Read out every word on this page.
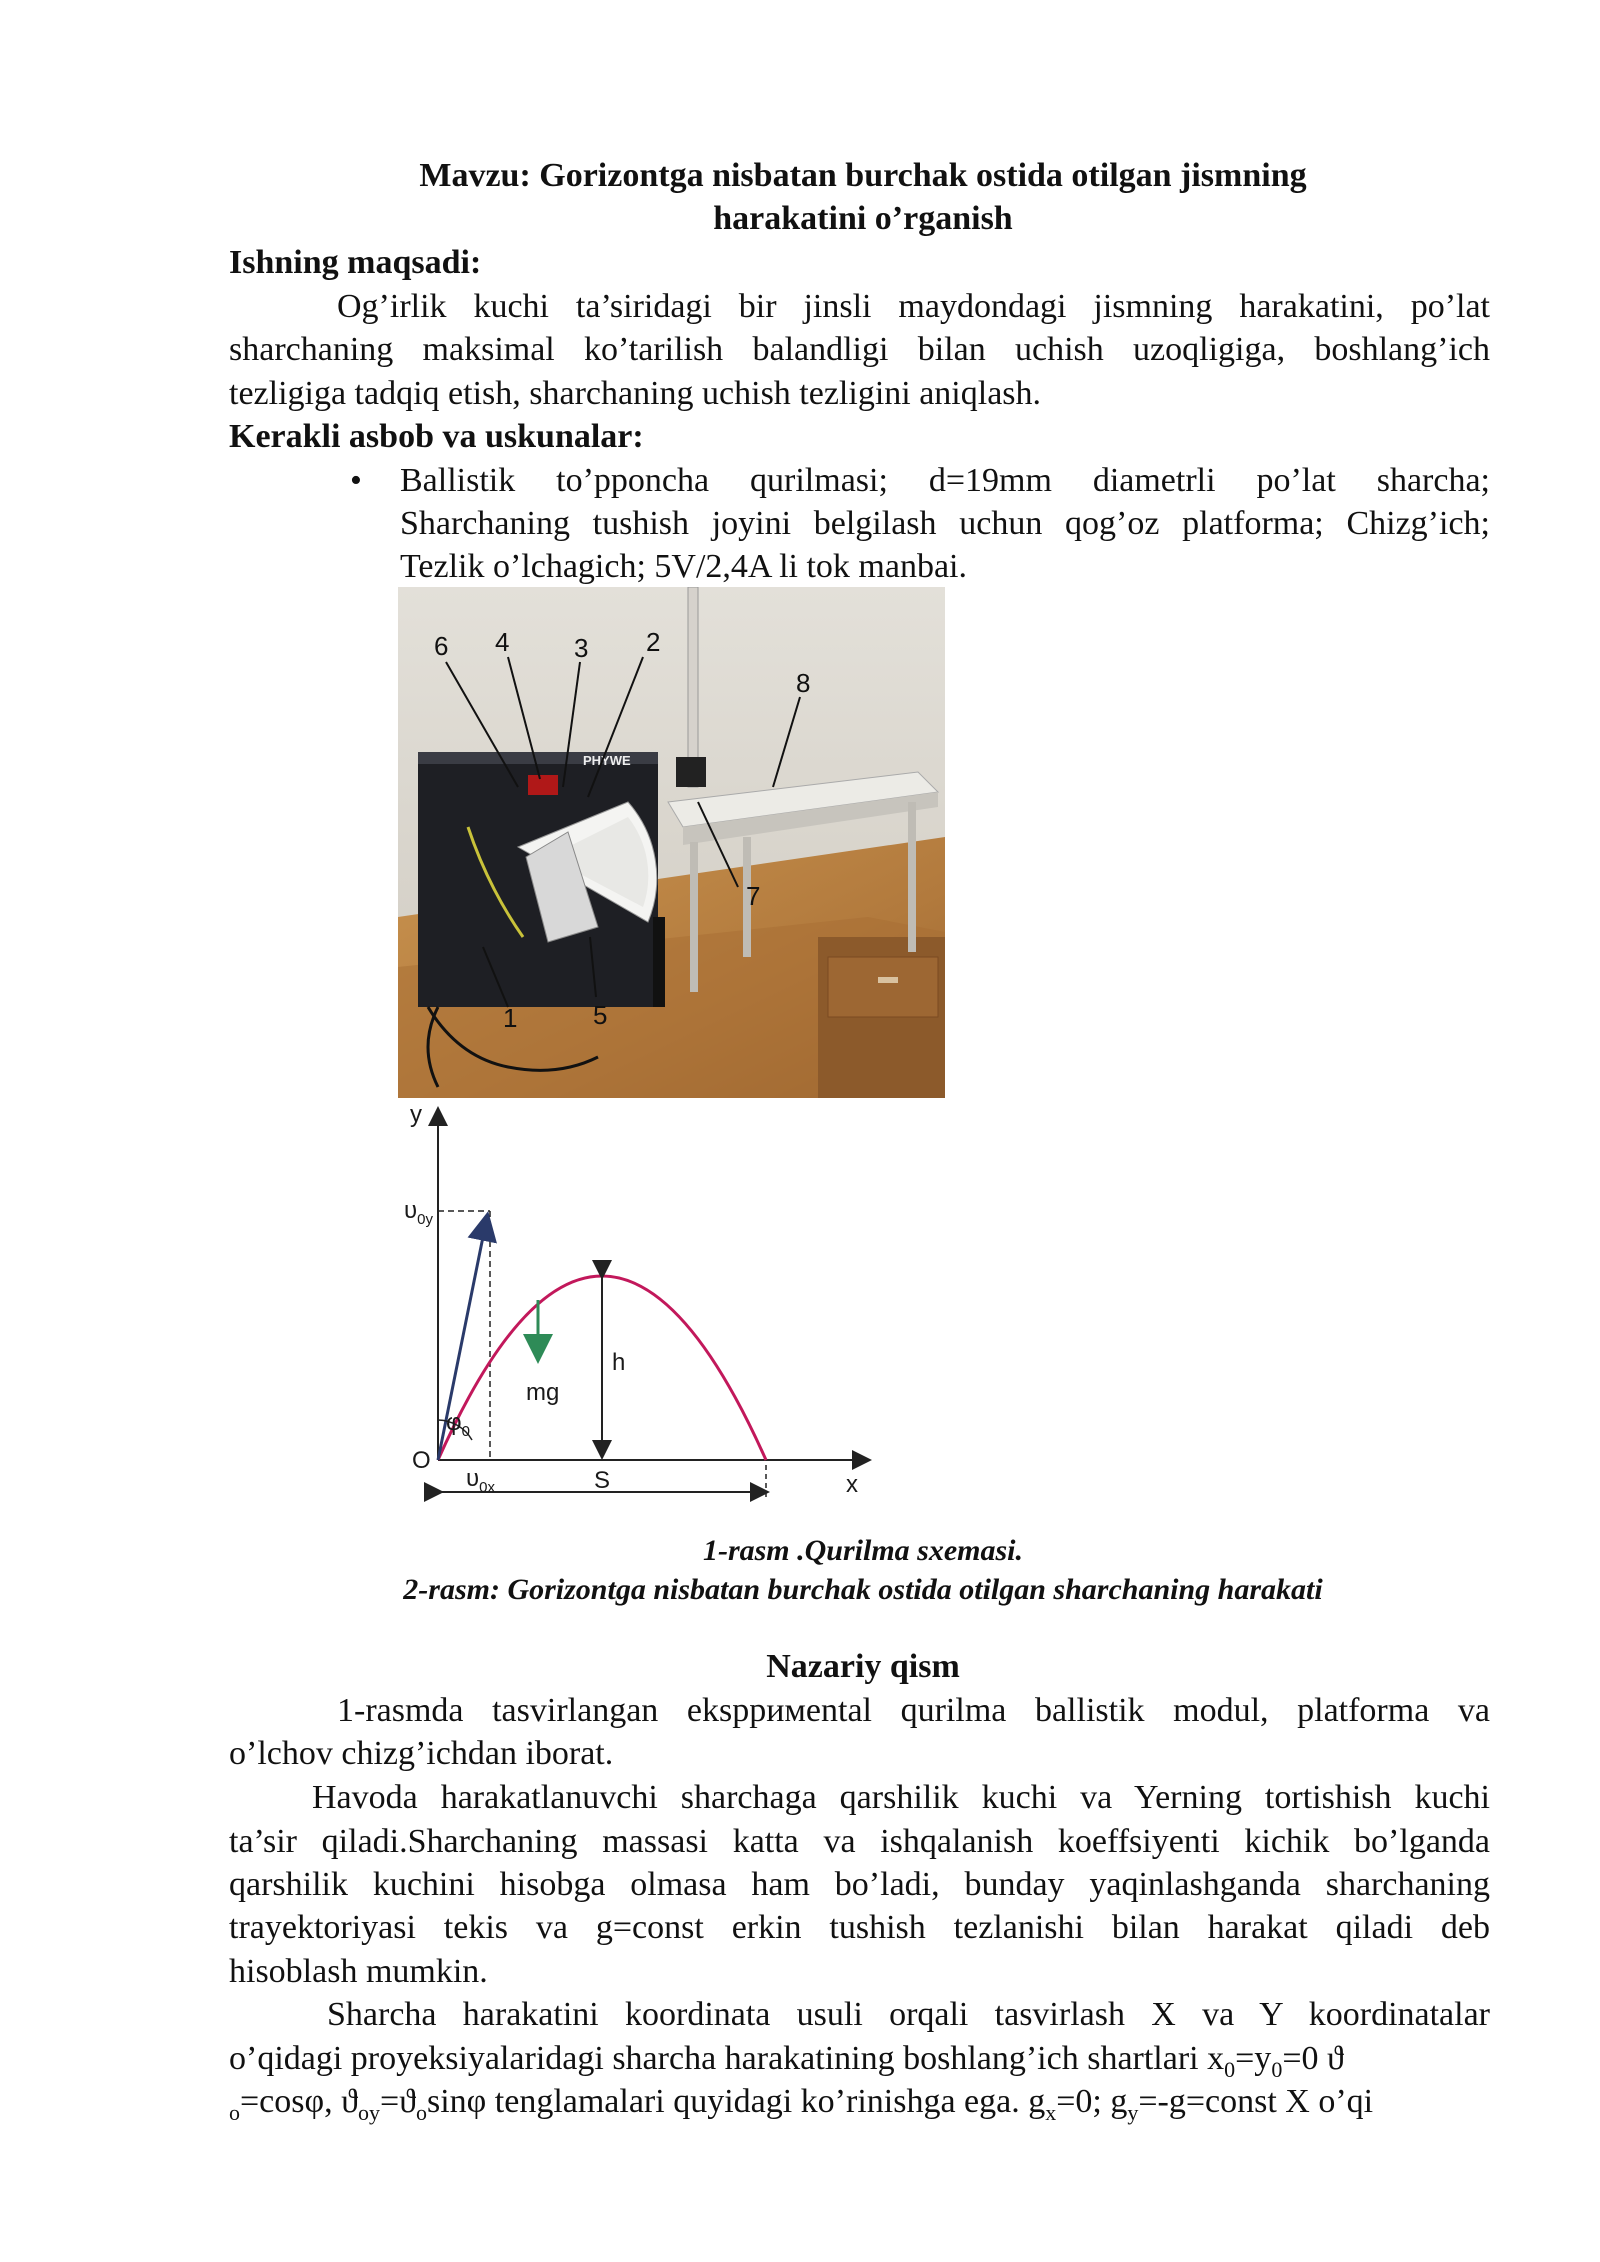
Mavzu: Gorizontga nisbatan burchak ostida otilgan jismning
harakatini o’rganish
Ishning maqsadi:
Og’irlik kuchi ta’siridagi bir jinsli maydondagi jismning harakatini, po’lat
sharchaning maksimal ko’tarilish balandligi bilan uchish uzoqligiga, boshlang’ich
tezligiga tadqiq etish, sharchaning uchish tezligini aniqlash.
Kerakli asbob va uskunalar:
• Ballistik to’pponcha qurilmasi; d=19mm diametrli po’lat sharcha;
Sharchaning tushish joyini belgilash uchun qog’oz platforma; Chizg’ich;
Tezlik o’lchagich; 5V/2,4A li tok manbai.
PHYWE
6 4 3 2
8
7
5
1
y
x
$\upsilon_{0y}$
$\upsilon_{0x}$
$\varphi_0$
O
h
mg
S
1-rasm .Qurilma sxemasi.
2-rasm: Gorizontga nisbatan burchak ostida otilgan sharchaning harakati
Nazariy qism
1-rasmda tasvirlangan ekspримental qurilma ballistik modul, platforma va
o’lchov chizg’ichdan iborat.
Havoda harakatlanuvchi sharchaga qarshilik kuchi va Yerning tortishish kuchi
ta’sir qiladi.Sharchaning massasi katta va ishqalanish koeffsiyenti kichik bo’lganda
qarshilik kuchini hisobga olmasa ham bo’ladi, bunday yaqinlashganda sharchaning
trayektoriyasi tekis va g=const erkin tushish tezlanishi bilan harakat qiladi deb
hisoblash mumkin.
Sharcha harakatini koordinata usuli orqali tasvirlash X va Y koordinatalar
o’qidagi proyeksiyalaridagi sharcha harakatining boshlang’ich shartlari $x_0=y_0=0$ ϑ
$_o$=cosφ, $ϑ_{oy}=ϑ_o\sin\varphi$ tenglamalari quyidagi ko’rinishga ega. $g_x=0$; $g_y=-g=const$ X o’qi
